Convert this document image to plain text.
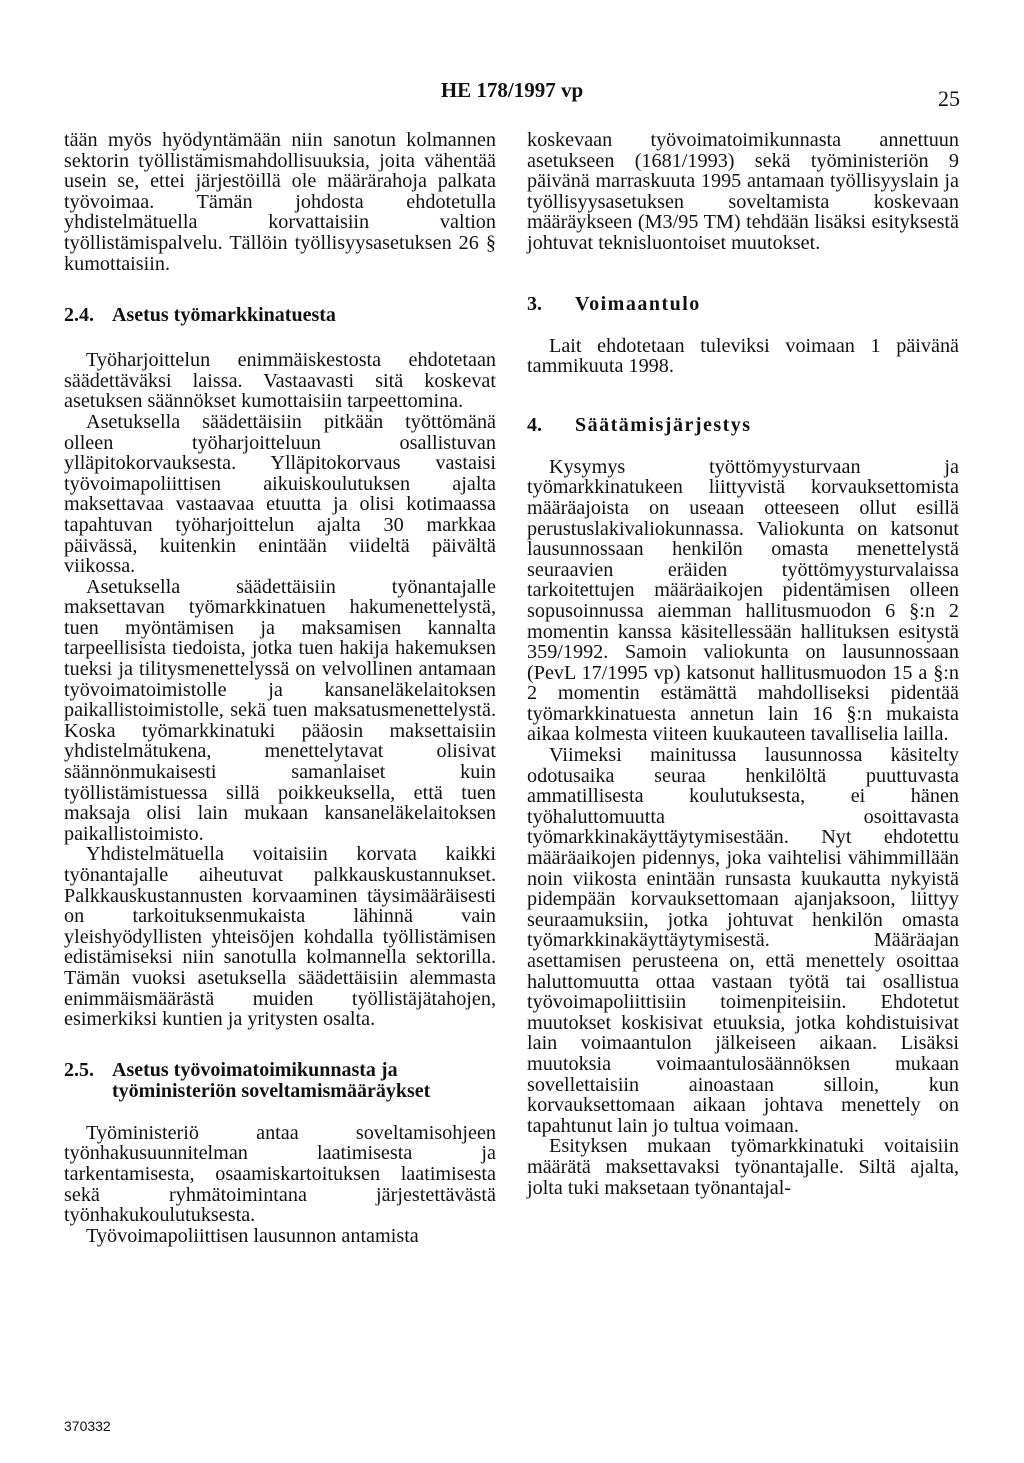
HE 178/1997 vp	25

tään myös hyödyntämään niin sanotun kolmannen sektorin työllistämismahdollisuuksia, joita vähentää usein se, ettei järjestöillä ole määrärahoja palkata työvoimaa. Tämän johdosta ehdotetulla yhdistelmätuella korvattaisiin valtion työllistämispalvelu. Tällöin työllisyysasetuksen 26 § kumottaisiin.

2.4. Asetus työmarkkinatuesta

Työharjoittelun enimmäiskestosta ehdotetaan säädettäväksi laissa. Vastaavasti sitä koskevat asetuksen säännökset kumottaisiin tarpeettomina.

Asetuksella säädettäisiin pitkään työttömänä olleen työharjoitteluun osallistuvan ylläpitokorvauksesta. Ylläpitokorvaus vastaisi työvoimapoliittisen aikuiskoulutuksen ajalta maksettavaa vastaavaa etuutta ja olisi kotimaassa tapahtuvan työharjoittelun ajalta 30 markkaa päivässä, kuitenkin enintään viideltä päivältä viikossa.

Asetuksella säädettäisiin työnantajalle maksettavan työmarkkinatuen hakumenettelystä, tuen myöntämisen ja maksamisen kannalta tarpeellisista tiedoista, jotka tuen hakija hakemuksen tueksi ja tilitysmenettelyssä on velvollinen antamaan työvoimatoimistolle ja kansaneläkelaitoksen paikallistoimistolle, sekä tuen maksatusmenettelystä. Koska työmarkkinatuki pääosin maksettaisiin yhdistelmätukena, menettelytavat olisivat säännönmukaisesti samanlaiset kuin työllistämistuessa sillä poikkeuksella, että tuen maksaja olisi lain mukaan kansaneläkelaitoksen paikallistoimisto.

Yhdistelmätuella voitaisiin korvata kaikki työnantajalle aiheutuvat palkkauskustannukset. Palkkauskustannusten korvaaminen täysimääräisesti on tarkoituksenmukaista lähinnä vain yleishyödyllisten yhteisöjen kohdalla työllistämisen edistämiseksi niin sanotulla kolmannella sektorilla. Tämän vuoksi asetuksella säädettäisiin alemmasta enimmäismäärästä muiden työllistäjätahojen, esimerkiksi kuntien ja yritysten osalta.

2.5. Asetus työvoimatoimikunnasta ja työministeriön soveltamismääräykset

Työministeriö antaa soveltamisohjeen työnhakusuunnitelman laatimisesta ja tarkentamisesta, osaamiskartoituksen laatimisesta sekä ryhmätoimintana järjestettävästä työnhakukoulutuksesta.

Työvoimapoliittisen lausunnon antamista

koskevaan työvoimatoimikunnasta annettuun asetukseen (1681/1993) sekä työministeriön 9 päivänä marraskuuta 1995 antamaan työllisyyslain ja työllisyysasetuksen soveltamista koskevaan määräykseen (M3/95 TM) tehdään lisäksi esityksestä johtuvat teknisluontoiset muutokset.

3.	Voimaantulo

Lait ehdotetaan tuleviksi voimaan 1 päivänä tammikuuta 1998.

4.	Säätämisjärjestys

Kysymys työttömyysturvaan ja työmarkkinatukeen liittyvistä korvauksettomista määräajoista on useaan otteeseen ollut esillä perustuslakivaliokunnassa. Valiokunta on katsonut lausunnossaan henkilön omasta menettelystä seuraavien eräiden työttömyysturvalaissa tarkoitettujen määräaikojen pidentämisen olleen sopusoinnussa aiemman hallitusmuodon 6 §:n 2 momentin kanssa käsitellessään hallituksen esitystä 359/1992. Samoin valiokunta on lausunnossaan (PevL 17/1995 vp) katsonut hallitusmuodon 15 a §:n 2 momentin estämättä mahdolliseksi pidentää työmarkkinatuesta annetun lain 16 §:n mukaista aikaa kolmesta viiteen kuukauteen tavalliselia lailla.

Viimeksi mainitussa lausunnossa käsitelty odotusaika seuraa henkilöltä puuttuvasta ammatillisesta koulutuksesta, ei hänen työhaluttomuutta osoittavasta työmarkkinakäyttäytymisestään. Nyt ehdotettu määräaikojen pidennys, joka vaihtelisi vähimmillään noin viikosta enintään runsasta kuukautta nykyistä pidempään korvauksettomaan ajanjaksoon, liittyy seuraamuksiin, jotka johtuvat henkilön omasta työmarkkinakäyttäytymisestä. Määräajan asettamisen perusteena on, että menettely osoittaa haluttomuutta ottaa vastaan työtä tai osallistua työvoimapoliittisiin toimenpiteisiin. Ehdotetut muutokset koskisivat etuuksia, jotka kohdistuisivat lain voimaantulon jälkeiseen aikaan. Lisäksi muutoksia voimaantulosäännöksen mukaan sovellettaisiin ainoastaan silloin, kun korvauksettomaan aikaan johtava menettely on tapahtunut lain jo tultua voimaan.

Esityksen mukaan työmarkkinatuki voitaisiin määrätä maksettavaksi työnantajalle. Siltä ajalta, jolta tuki maksetaan työnantajal-

370332
